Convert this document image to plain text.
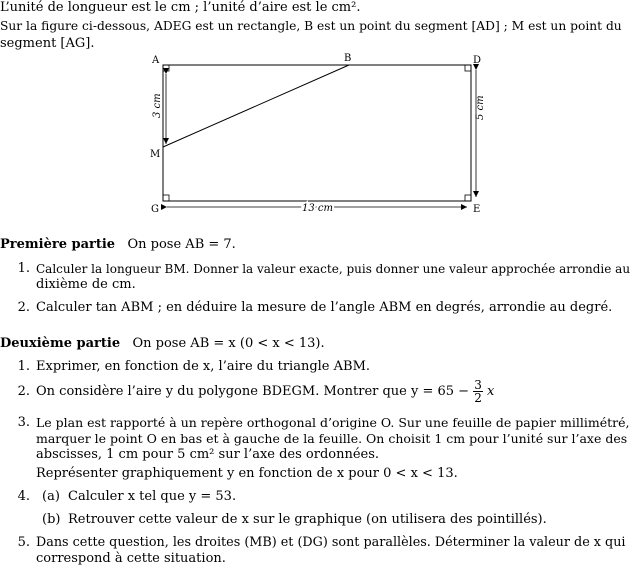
L’unité de longueur est le cm ; l’unité d’aire est le cm².
Sur la figure ci-dessous, ADEG est un rectangle, B est un point du segment [AD] ; M est un point du
segment [AG].
A	B	D
M
G	E
3 cm	5 cm
13 cm
Première partie On pose AB = 7.
1. Calculer la longueur BM. Donner la valeur exacte, puis donner une valeur approchée arrondie au
dixième de cm.
2. Calculer tan ABM ; en déduire la mesure de l’angle ABM en degrés, arrondie au degré.
Deuxième partie On pose AB = x (0 < x < 13).
1. Exprimer, en fonction de x, l’aire du triangle ABM.
2. On considère l’aire y du polygone BDEGM. Montrer que $y = 65 - \frac{3}{2}$ x
3. Le plan est rapporté à un repère orthogonal d’origine O. Sur une feuille de papier millimétré,
marquer le point O en bas et à gauche de la feuille. On choisit 1 cm pour l’unité sur l’axe des
abscisses, 1 cm pour 5 cm² sur l’axe des ordonnées.
Représenter graphiquement y en fonction de x pour 0 < x < 13.
4. (a) Calculer x tel que y = 53.
(b) Retrouver cette valeur de x sur le graphique (on utilisera des pointillés).
5. Dans cette question, les droites (MB) et (DG) sont parallèles. Déterminer la valeur de x qui
correspond à cette situation.
